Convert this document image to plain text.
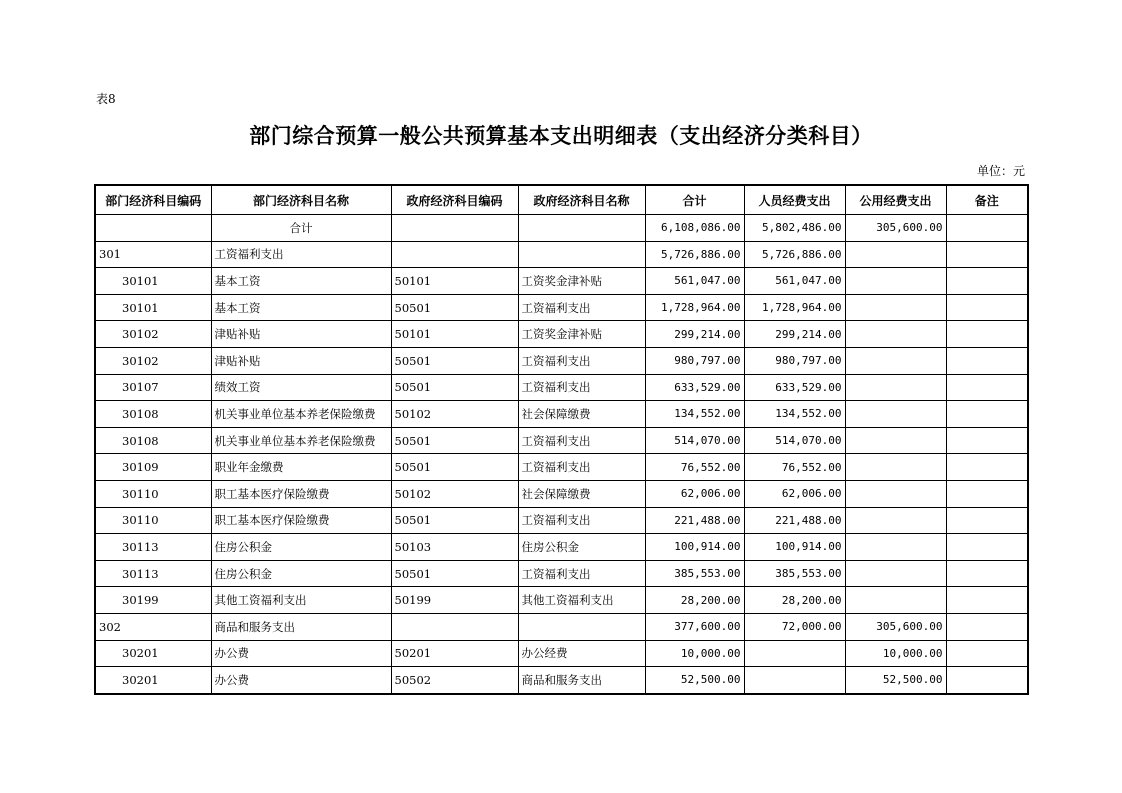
表8
部门综合预算一般公共预算基本支出明细表（支出经济分类科目）
单位：元
部门经济科目编码	部门经济科目名称	政府经济科目编码	政府经济科目名称	合计	人员经费支出	公用经费支出	备注
	合计			6,108,086.00	5,802,486.00	305,600.00	
301	工资福利支出			5,726,886.00	5,726,886.00		
30101	基本工资	50101	工资奖金津补贴	561,047.00	561,047.00		
30101	基本工资	50501	工资福利支出	1,728,964.00	1,728,964.00		
30102	津贴补贴	50101	工资奖金津补贴	299,214.00	299,214.00		
30102	津贴补贴	50501	工资福利支出	980,797.00	980,797.00		
30107	绩效工资	50501	工资福利支出	633,529.00	633,529.00		
30108	机关事业单位基本养老保险缴费	50102	社会保障缴费	134,552.00	134,552.00		
30108	机关事业单位基本养老保险缴费	50501	工资福利支出	514,070.00	514,070.00		
30109	职业年金缴费	50501	工资福利支出	76,552.00	76,552.00		
30110	职工基本医疗保险缴费	50102	社会保障缴费	62,006.00	62,006.00		
30110	职工基本医疗保险缴费	50501	工资福利支出	221,488.00	221,488.00		
30113	住房公积金	50103	住房公积金	100,914.00	100,914.00		
30113	住房公积金	50501	工资福利支出	385,553.00	385,553.00		
30199	其他工资福利支出	50199	其他工资福利支出	28,200.00	28,200.00		
302	商品和服务支出			377,600.00	72,000.00	305,600.00	
30201	办公费	50201	办公经费	10,000.00		10,000.00	
30201	办公费	50502	商品和服务支出	52,500.00		52,500.00	
